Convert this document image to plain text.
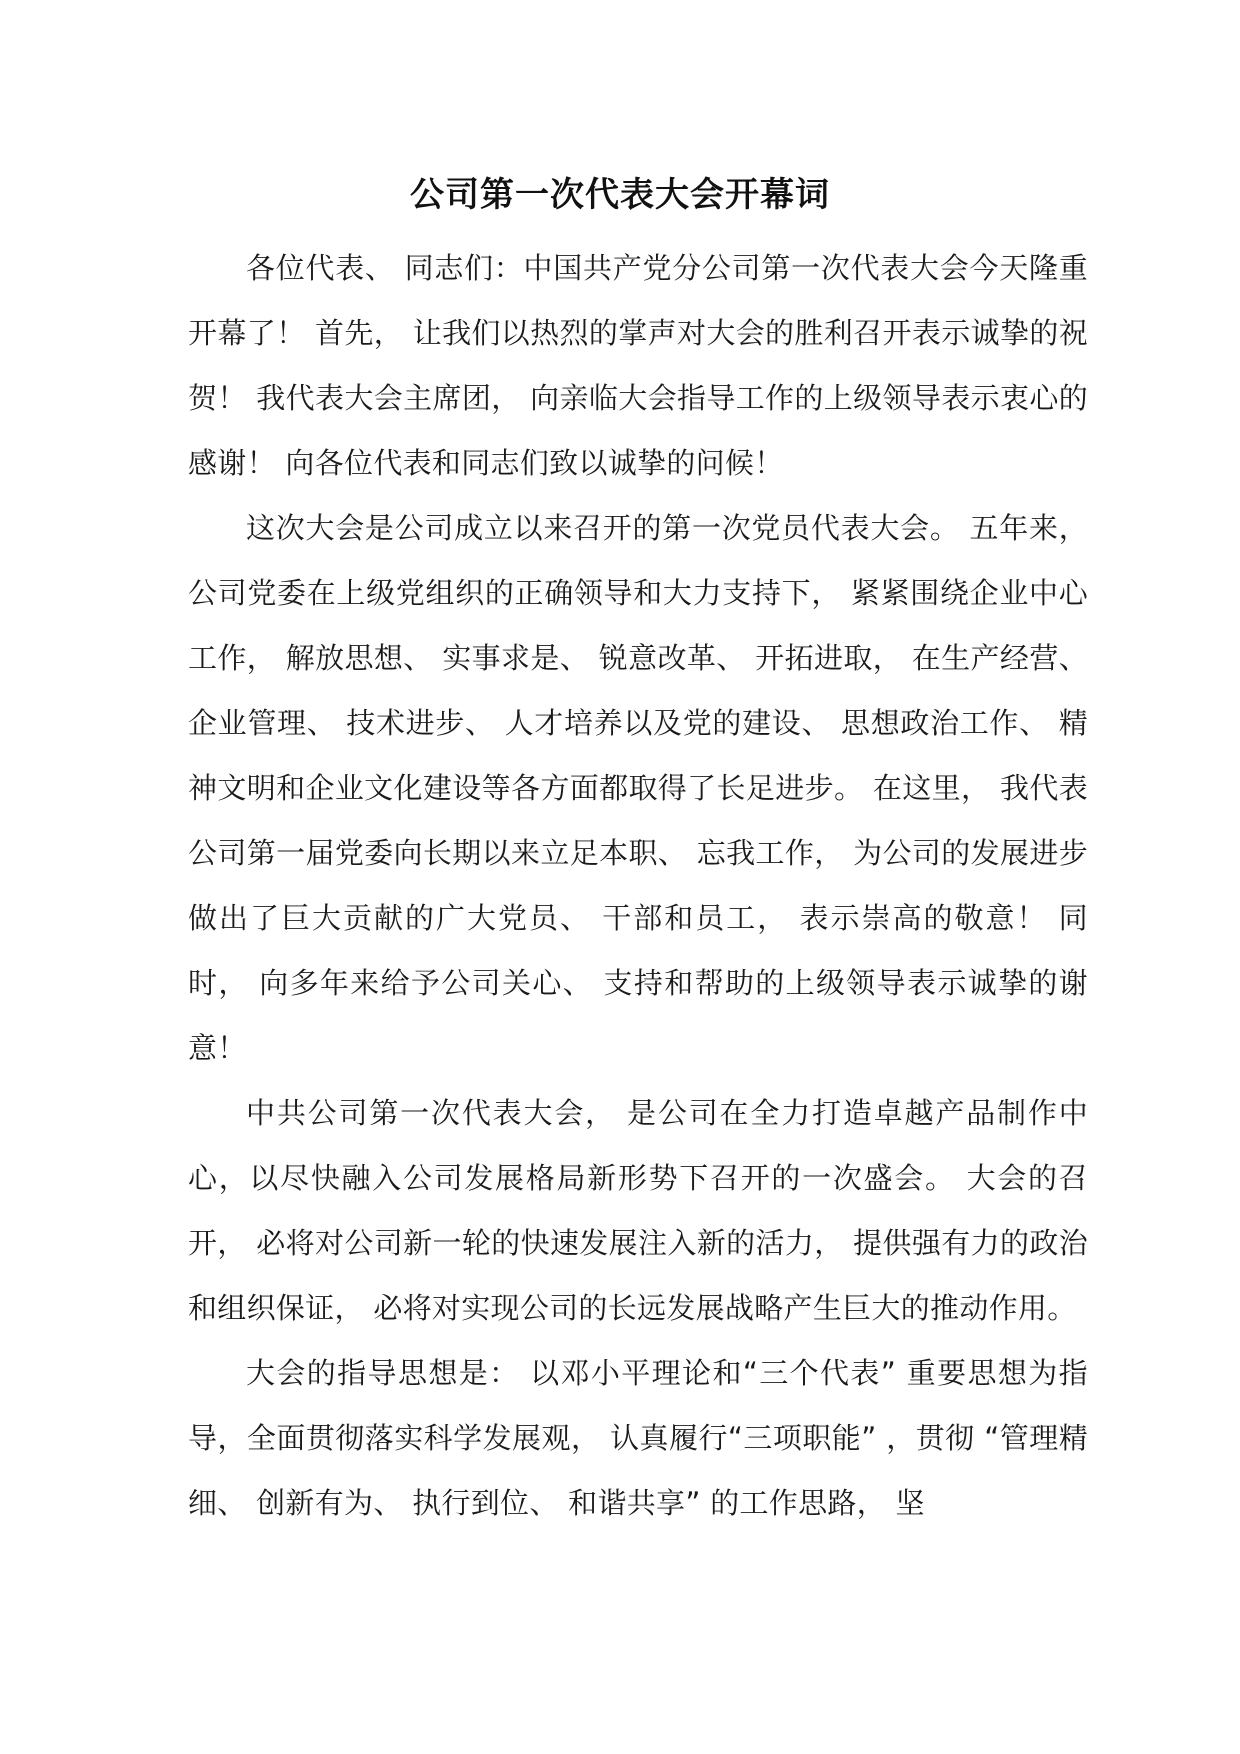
公司第一次代表大会开幕词

各位代表、 同志们：中国共产党分公司第一次代表大会今天隆重开幕了！ 首先， 让我们以热烈的掌声对大会的胜利召开表示诚挚的祝贺！ 我代表大会主席团， 向亲临大会指导工作的上级领导表示衷心的感谢！ 向各位代表和同志们致以诚挚的问候！

这次大会是公司成立以来召开的第一次党员代表大会。 五年来，公司党委在上级党组织的正确领导和大力支持下， 紧紧围绕企业中心工作， 解放思想、 实事求是、 锐意改革、 开拓进取， 在生产经营、 企业管理、 技术进步、 人才培养以及党的建设、 思想政治工作、 精神文明和企业文化建设等各方面都取得了长足进步。 在这里， 我代表公司第一届党委向长期以来立足本职、 忘我工作， 为公司的发展进步做出了巨大贡献的广大党员、 干部和员工， 表示崇高的敬意！ 同时， 向多年来给予公司关心、 支持和帮助的上级领导表示诚挚的谢意！

中共公司第一次代表大会， 是公司在全力打造卓越产品制作中心，以尽快融入公司发展格局新形势下召开的一次盛会。 大会的召开， 必将对公司新一轮的快速发展注入新的活力， 提供强有力的政治和组织保证， 必将对实现公司的长远发展战略产生巨大的推动作用。

大会的指导思想是： 以邓小平理论和“三个代表” 重要思想为指导，全面贯彻落实科学发展观， 认真履行“三项职能” ，贯彻 “管理精细、 创新有为、 执行到位、 和谐共享” 的工作思路， 坚
